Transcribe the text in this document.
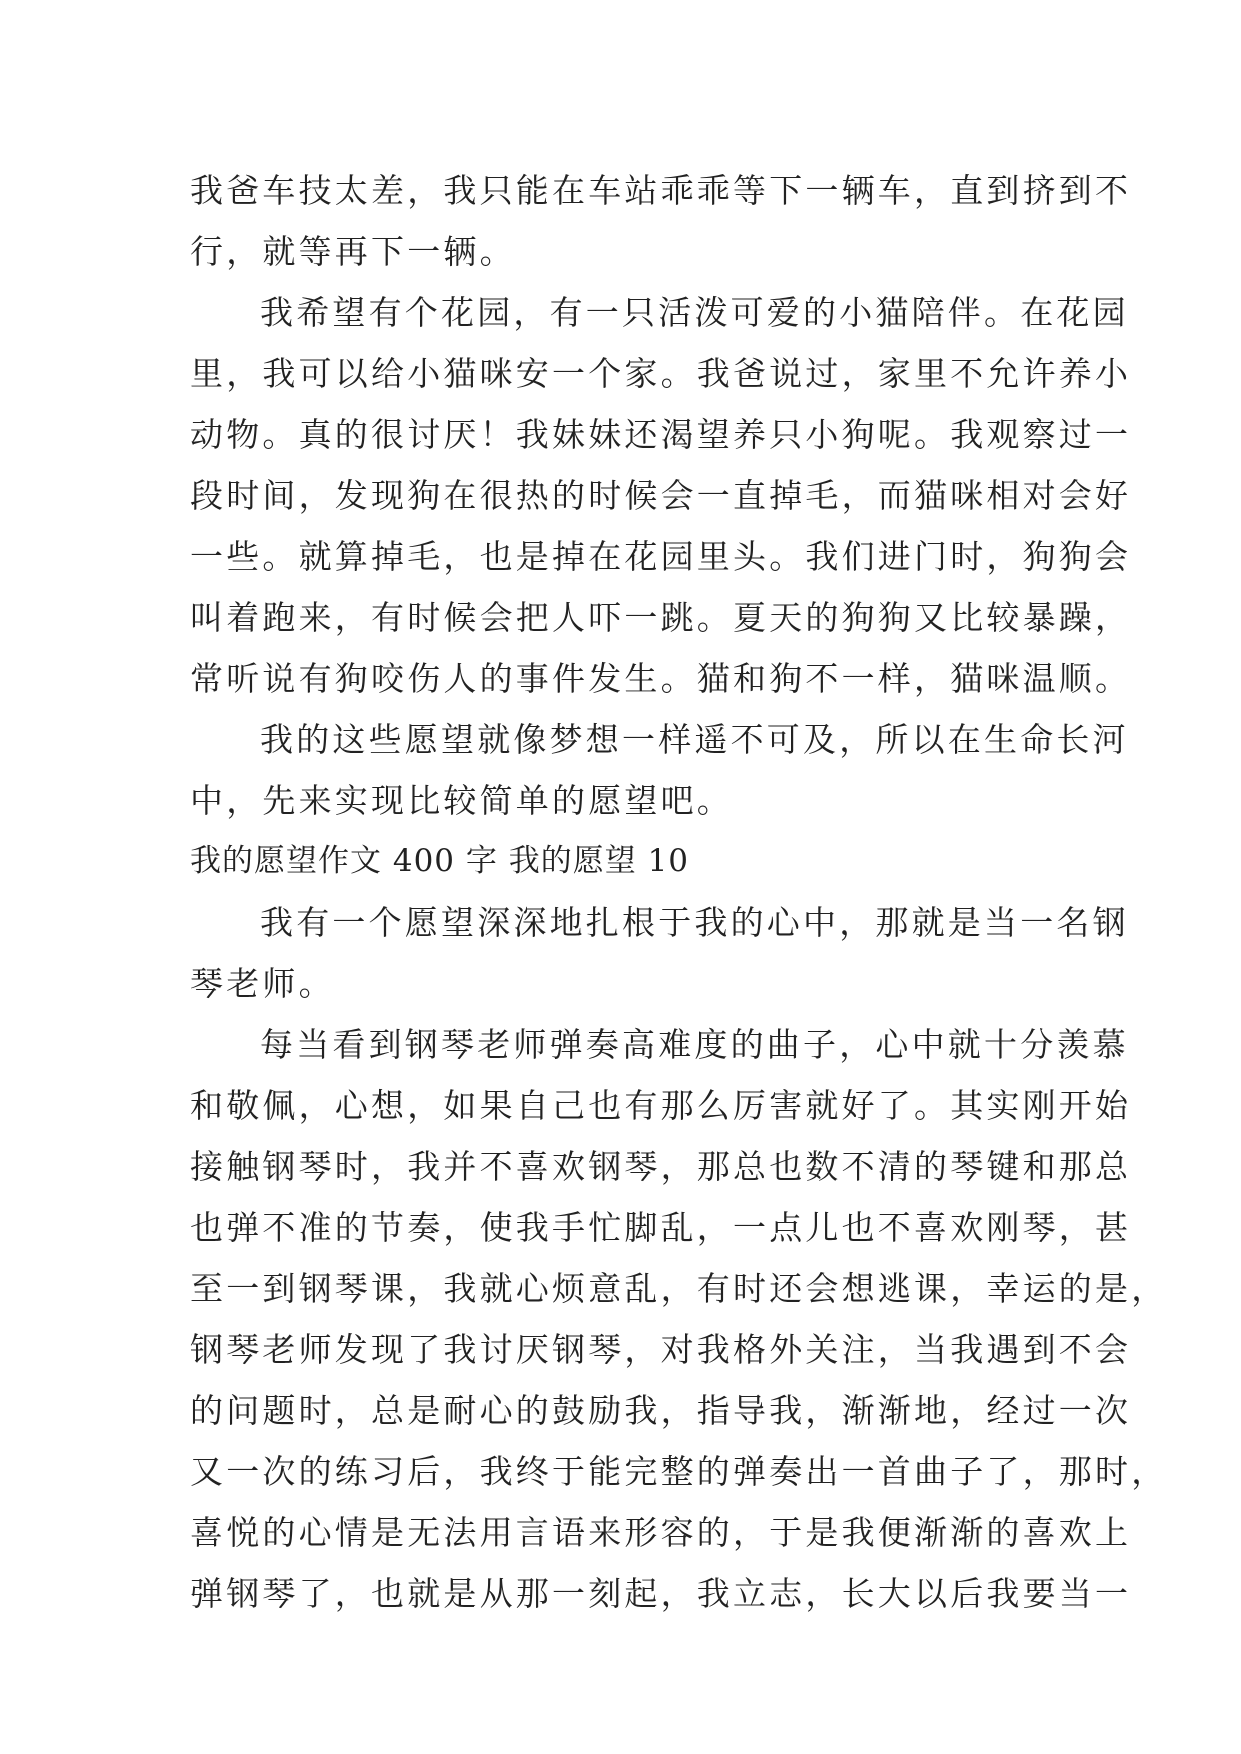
我爸车技太差，我只能在车站乖乖等下一辆车，直到挤到不
行，就等再下一辆。
我希望有个花园，有一只活泼可爱的小猫陪伴。在花园
里，我可以给小猫咪安一个家。我爸说过，家里不允许养小
动物。真的很讨厌！我妹妹还渴望养只小狗呢。我观察过一
段时间，发现狗在很热的时候会一直掉毛，而猫咪相对会好
一些。就算掉毛，也是掉在花园里头。我们进门时，狗狗会
叫着跑来，有时候会把人吓一跳。夏天的狗狗又比较暴躁，
常听说有狗咬伤人的事件发生。猫和狗不一样，猫咪温顺。
我的这些愿望就像梦想一样遥不可及，所以在生命长河
中，先来实现比较简单的愿望吧。
我的愿望作文 400 字 我的愿望 10
我有一个愿望深深地扎根于我的心中，那就是当一名钢
琴老师。
每当看到钢琴老师弹奏高难度的曲子，心中就十分羡慕
和敬佩，心想，如果自己也有那么厉害就好了。其实刚开始
接触钢琴时，我并不喜欢钢琴，那总也数不清的琴键和那总
也弹不准的节奏，使我手忙脚乱，一点儿也不喜欢刚琴，甚
至一到钢琴课，我就心烦意乱，有时还会想逃课，幸运的是，
钢琴老师发现了我讨厌钢琴，对我格外关注，当我遇到不会
的问题时，总是耐心的鼓励我，指导我，渐渐地，经过一次
又一次的练习后，我终于能完整的弹奏出一首曲子了，那时，
喜悦的心情是无法用言语来形容的，于是我便渐渐的喜欢上
弹钢琴了，也就是从那一刻起，我立志，长大以后我要当一
